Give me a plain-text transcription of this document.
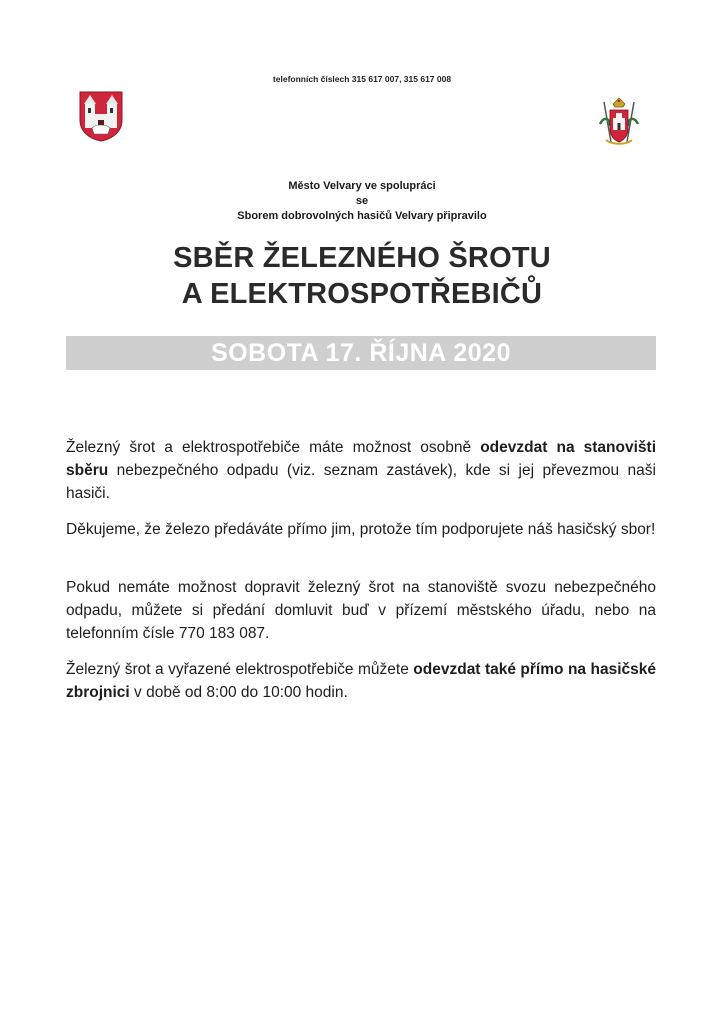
telefonních číslech 315 617 007, 315 617 008
Město Velvary ve spolupráci
se
Sborem dobrovolných hasičů Velvary připravilo
SBĚR ŽELEZNÉHO ŠROTU
A ELEKTROSPOTŘEBIČŮ
SOBOTA 17. ŘÍJNA 2020
Železný šrot a elektrospotřebiče máte možnost osobně odevzdat na stanovišti sběru nebezpečného odpadu (viz. seznam zastávek), kde si jej převezmou naši hasiči.
Děkujeme, že železo předáváte přímo jim, protože tím podporujete náš hasičský sbor!
Pokud nemáte možnost dopravit železný šrot na stanoviště svozu nebezpečného odpadu, můžete si předání domluvit buď v přízemí městského úřadu, nebo na telefonním čísle 770 183 087.
Železný šrot a vyřazené elektrospotřebiče můžete odevzdat také přímo na hasičské zbrojnici v době od 8:00 do 10:00 hodin.
